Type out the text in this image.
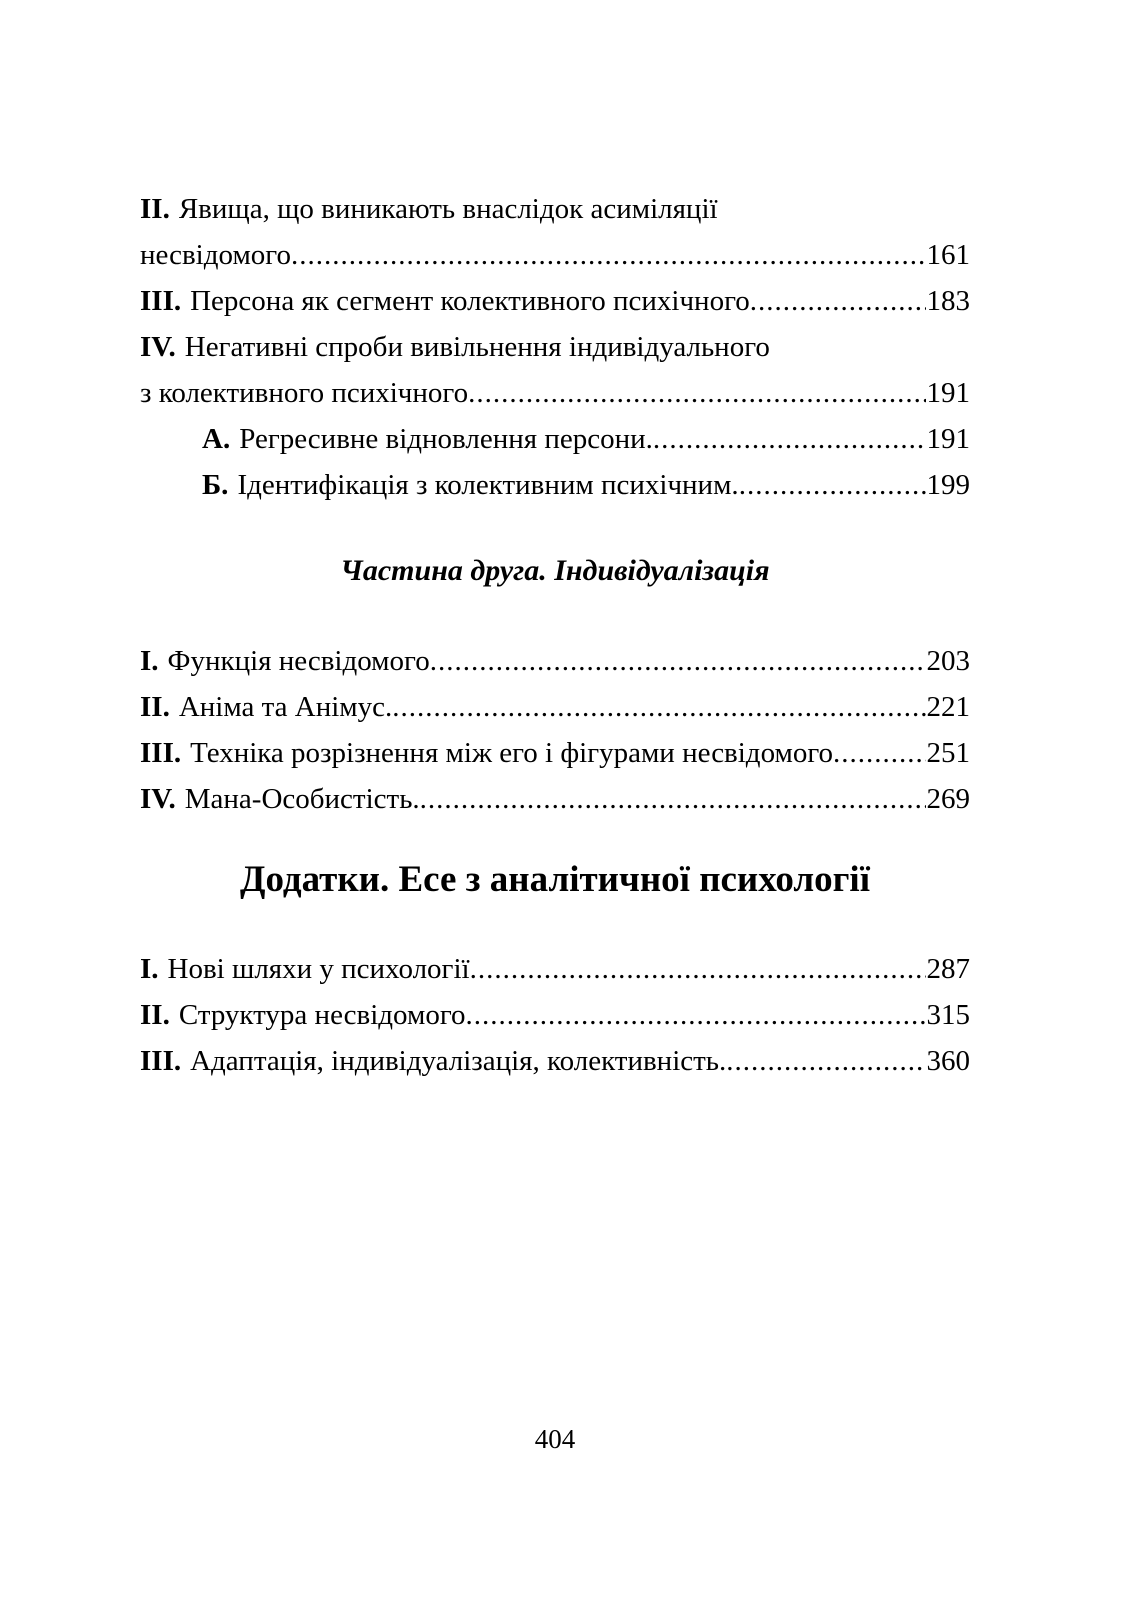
II. Явища, що виникають внаслідок асиміляції
несвідомого .....	161
III. Персона як сегмент колективного психічного .....	183
IV. Негативні спроби вивільнення індивідуального
з колективного психічного .....	191
А. Регресивне відновлення персони. .....	191
Б. Ідентифікація з колективним психічним. .....	199
Частина друга. Індивідуалізація
I. Функція несвідомого .....	203
II. Аніма та Анімус. .....	221
III. Техніка розрізнення між его і фігурами несвідомого .....	251
IV. Мана-Особистість. .....	269
Додатки. Есе з аналітичної психології
I. Нові шляхи у психології .....	287
II. Структура несвідомого .....	315
III. Адаптація, індивідуалізація, колективність. .....	360
404
